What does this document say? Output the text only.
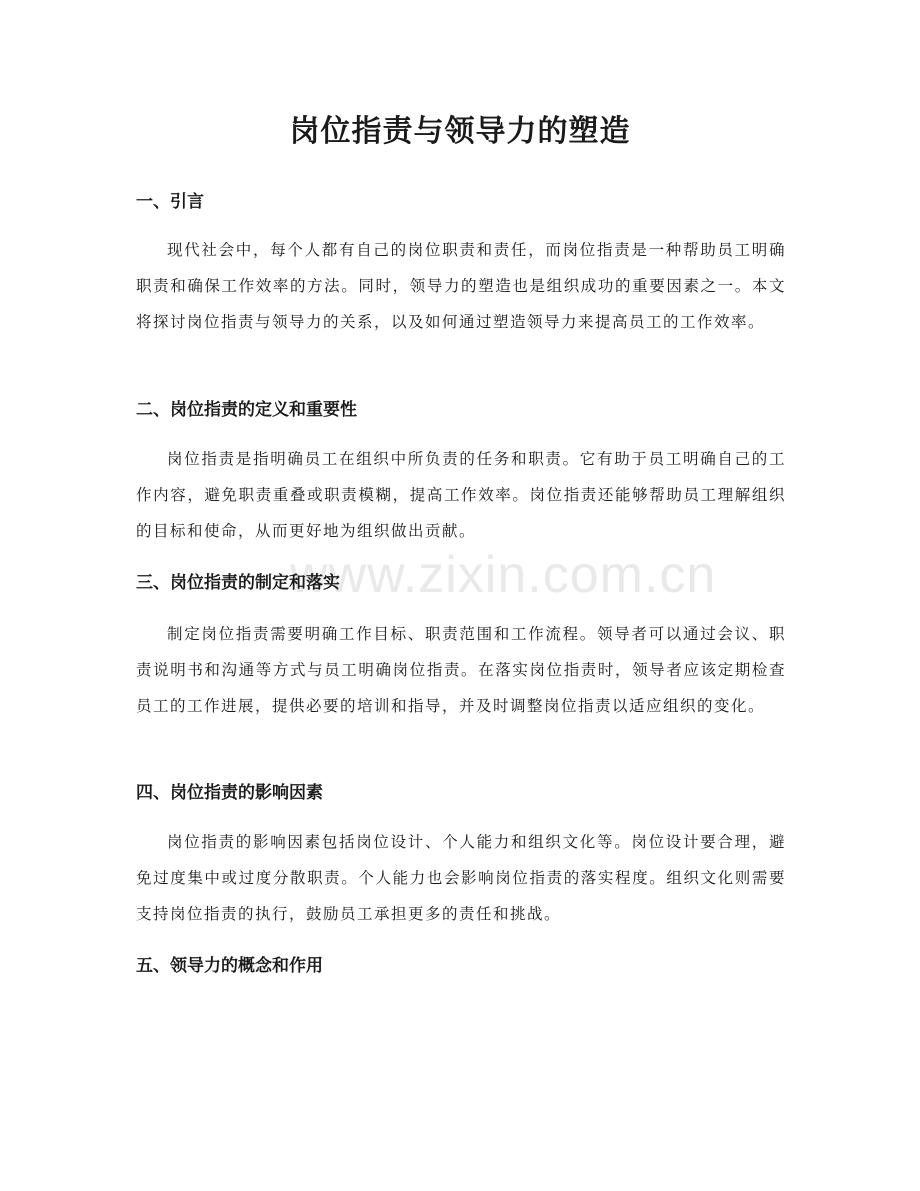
岗位指责与领导力的塑造
www.zixin.com.cn
一、引言

现代社会中，每个人都有自己的岗位职责和责任，而岗位指责是一种帮助员工明确职责和确保工作效率的方法。同时，领导力的塑造也是组织成功的重要因素之一。本文将探讨岗位指责与领导力的关系，以及如何通过塑造领导力来提高员工的工作效率。

二、岗位指责的定义和重要性

岗位指责是指明确员工在组织中所负责的任务和职责。它有助于员工明确自己的工作内容，避免职责重叠或职责模糊，提高工作效率。岗位指责还能够帮助员工理解组织的目标和使命，从而更好地为组织做出贡献。

三、岗位指责的制定和落实

制定岗位指责需要明确工作目标、职责范围和工作流程。领导者可以通过会议、职责说明书和沟通等方式与员工明确岗位指责。在落实岗位指责时，领导者应该定期检查员工的工作进展，提供必要的培训和指导，并及时调整岗位指责以适应组织的变化。

四、岗位指责的影响因素

岗位指责的影响因素包括岗位设计、个人能力和组织文化等。岗位设计要合理，避免过度集中或过度分散职责。个人能力也会影响岗位指责的落实程度。组织文化则需要支持岗位指责的执行，鼓励员工承担更多的责任和挑战。

五、领导力的概念和作用
